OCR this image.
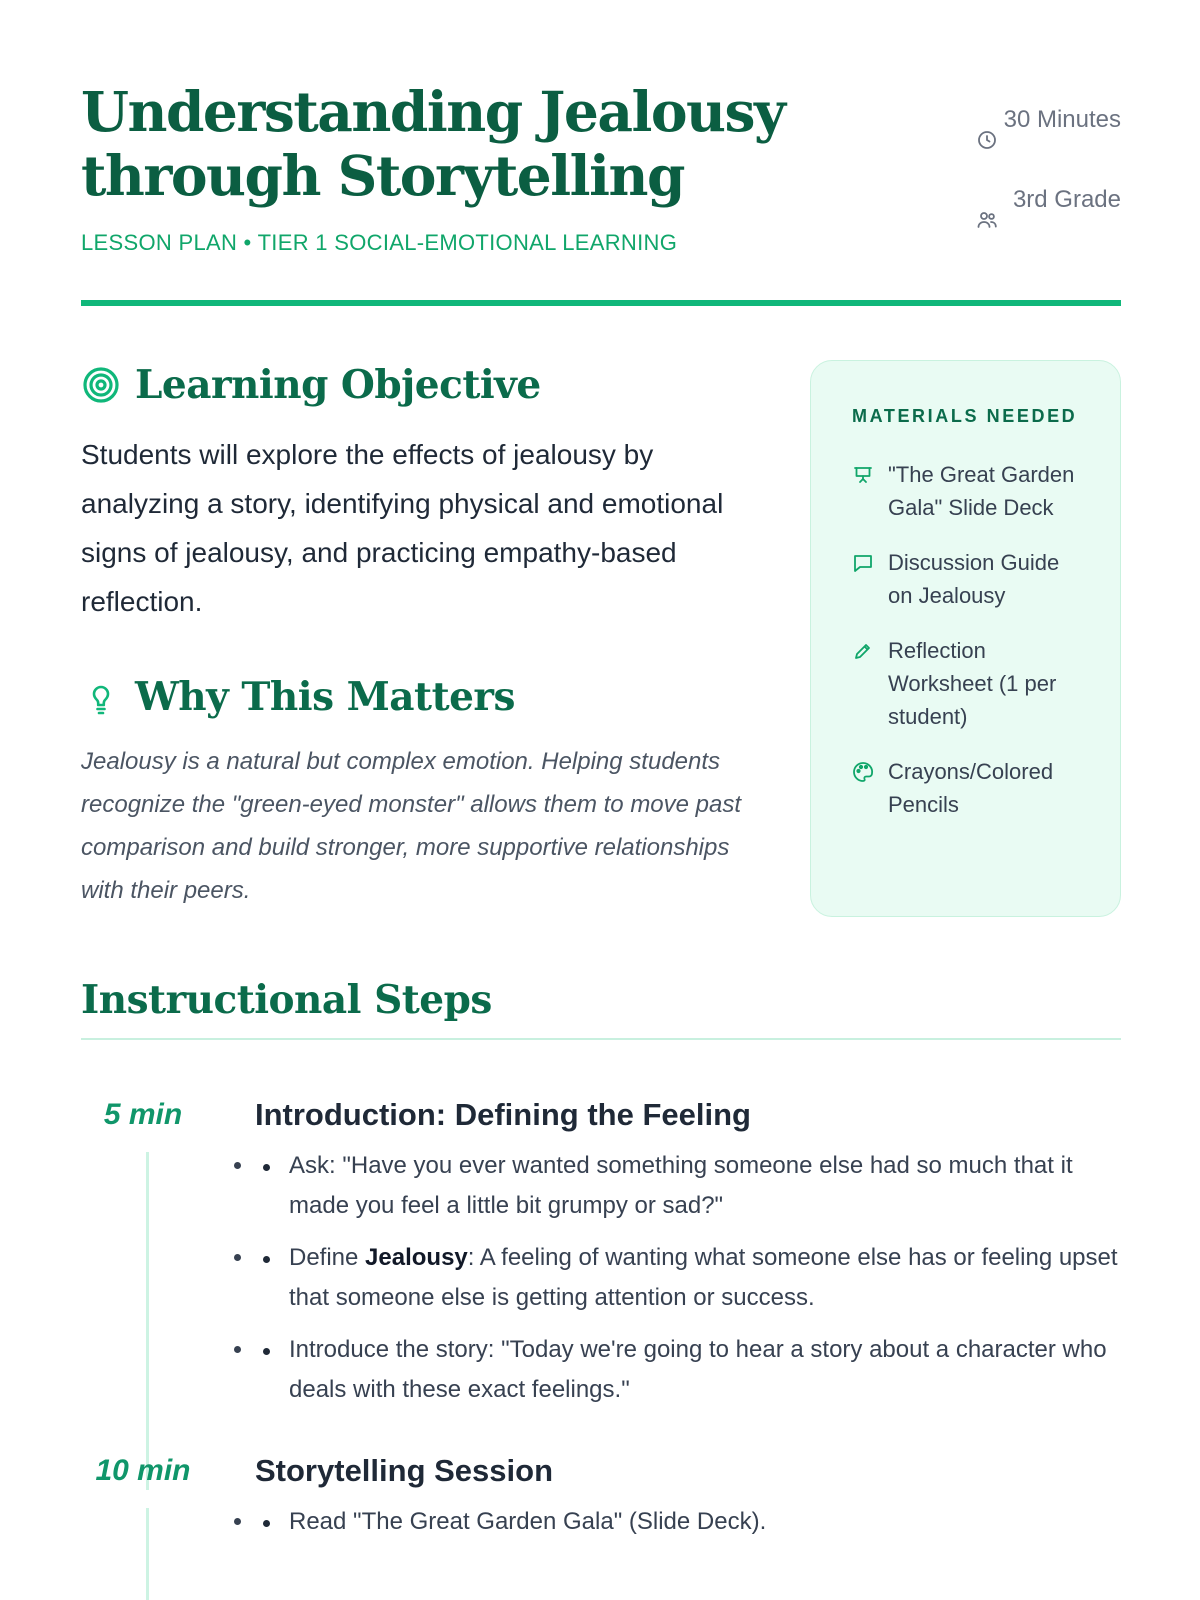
Understanding Jealousy through Storytelling
LESSON PLAN • TIER 1 SOCIAL-EMOTIONAL LEARNING
30 Minutes
3rd Grade
Learning Objective

Students will explore the effects of jealousy by analyzing a story, identifying physical and emotional signs of jealousy, and practicing empathy-based reflection.

Why This Matters

Jealousy is a natural but complex emotion. Helping students recognize the "green-eyed monster" allows them to move past comparison and build stronger, more supportive relationships with their peers.

MATERIALS NEEDED
"The Great Garden Gala" Slide Deck
Discussion Guide on Jealousy
Reflection Worksheet (1 per student)
Crayons/Colored Pencils
Instructional Steps
5 min	Introduction: Defining the Feeling
• Ask: "Have you ever wanted something someone else had so much that it made you feel a little bit grumpy or sad?"
• Define Jealousy: A feeling of wanting what someone else has or feeling upset that someone else is getting attention or success.
• Introduce the story: "Today we're going to hear a story about a character who deals with these exact feelings."
10 min	Storytelling Session
• Read "The Great Garden Gala" (Slide Deck).
